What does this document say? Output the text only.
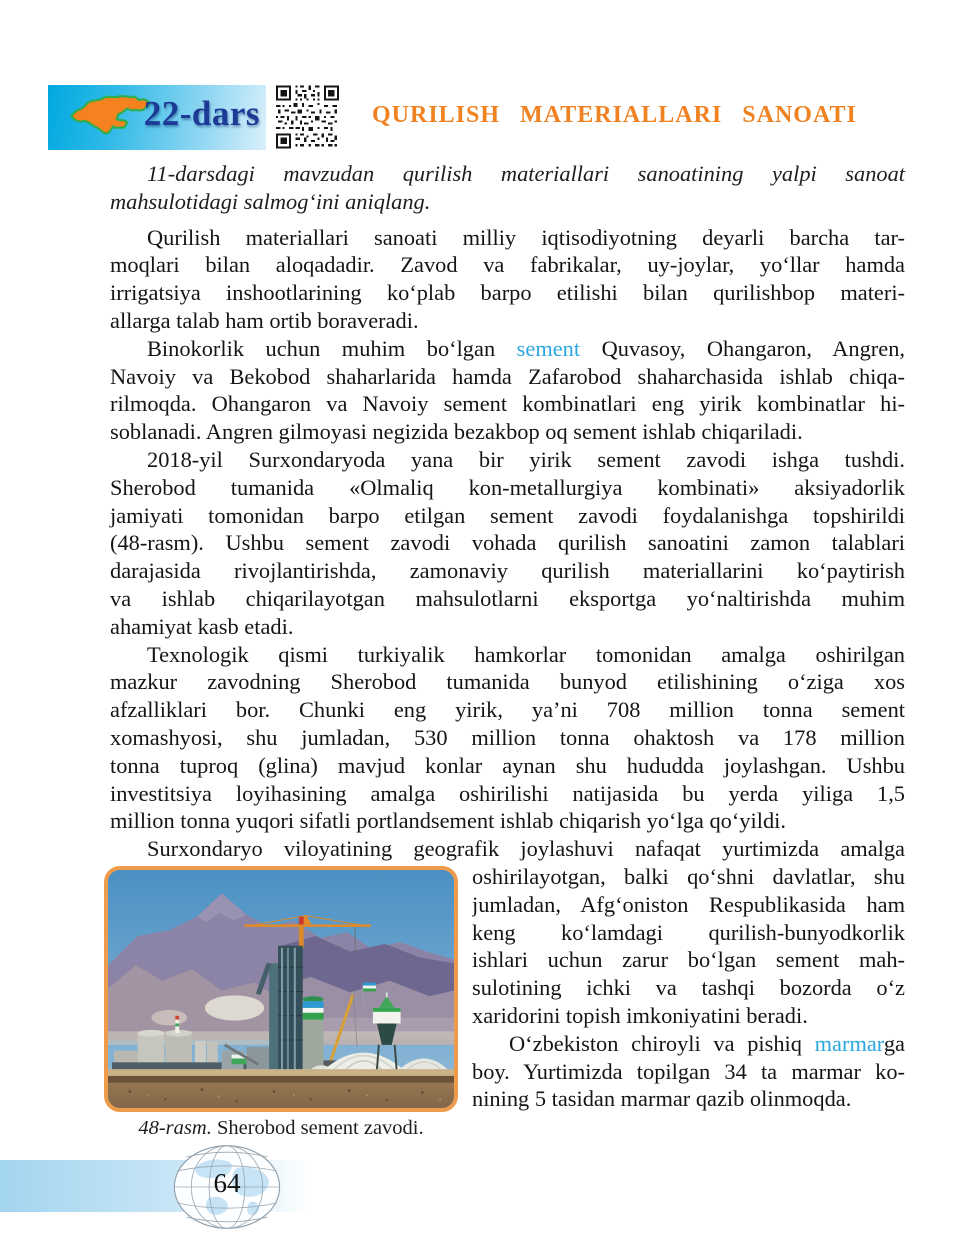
22-dars	QURILISH MATERIALLARI SANOATI
11-darsdagi mavzudan qurilish materiallari sanoatining yalpi sanoat
mahsulotidagi salmogʻini aniqlang.
Qurilish materiallari sanoati milliy iqtisodiyotning deyarli barcha tar-
moqlari bilan aloqadadir. Zavod va fabrikalar, uy-joylar, yoʻllar hamda
irrigatsiya inshootlarining koʻplab barpo etilishi bilan qurilishbop materi-
allarga talab ham ortib boraveradi.
Binokorlik uchun muhim boʻlgan sement Quvasoy, Ohangaron, Angren,
Navoiy va Bekobod shaharlarida hamda Zafarobod shaharchasida ishlab chiqa-
rilmoqda. Ohangaron va Navoiy sement kombinatlari eng yirik kombinatlar hi-
soblanadi. Angren gilmoyasi negizida bezakbop oq sement ishlab chiqariladi.
2018-yil Surxondaryoda yana bir yirik sement zavodi ishga tushdi.
Sherobod tumanida «Olmaliq kon-metallurgiya kombinati» aksiyadorlik
jamiyati tomonidan barpo etilgan sement zavodi foydalanishga topshirildi
(48-rasm). Ushbu sement zavodi vohada qurilish sanoatini zamon talablari
darajasida rivojlantirishda, zamonaviy qurilish materiallarini koʻpaytirish
va ishlab chiqarilayotgan mahsulotlarni eksportga yoʻnaltirishda muhim
ahamiyat kasb etadi.
Texnologik qismi turkiyalik hamkorlar tomonidan amalga oshirilgan
mazkur zavodning Sherobod tumanida bunyod etilishining oʻziga xos
afzalliklari bor. Chunki eng yirik, ya’ni 708 million tonna sement
xomashyosi, shu jumladan, 530 million tonna ohaktosh va 178 million
tonna tuproq (glina) mavjud konlar aynan shu hududda joylashgan. Ushbu
investitsiya loyihasining amalga oshirilishi natijasida bu yerda yiliga 1,5
million tonna yuqori sifatli portlandsement ishlab chiqarish yoʻlga qoʻyildi.
Surxondaryo viloyatining geografik joylashuvi nafaqat yurtimizda amalga
48-rasm. Sherobod sement zavodi.
oshirilayotgan, balki qoʻshni davlatlar, shu
jumladan, Afgʻoniston Respublikasida ham
keng koʻlamdagi qurilish-bunyodkorlik
ishlari uchun zarur boʻlgan sement mah-
sulotining ichki va tashqi bozorda oʻz
xaridorini topish imkoniyatini beradi.
Oʻzbekiston chiroyli va pishiq marmarga
boy. Yurtimizda topilgan 34 ta marmar ko-
nining 5 tasidan marmar qazib olinmoqda.
64
